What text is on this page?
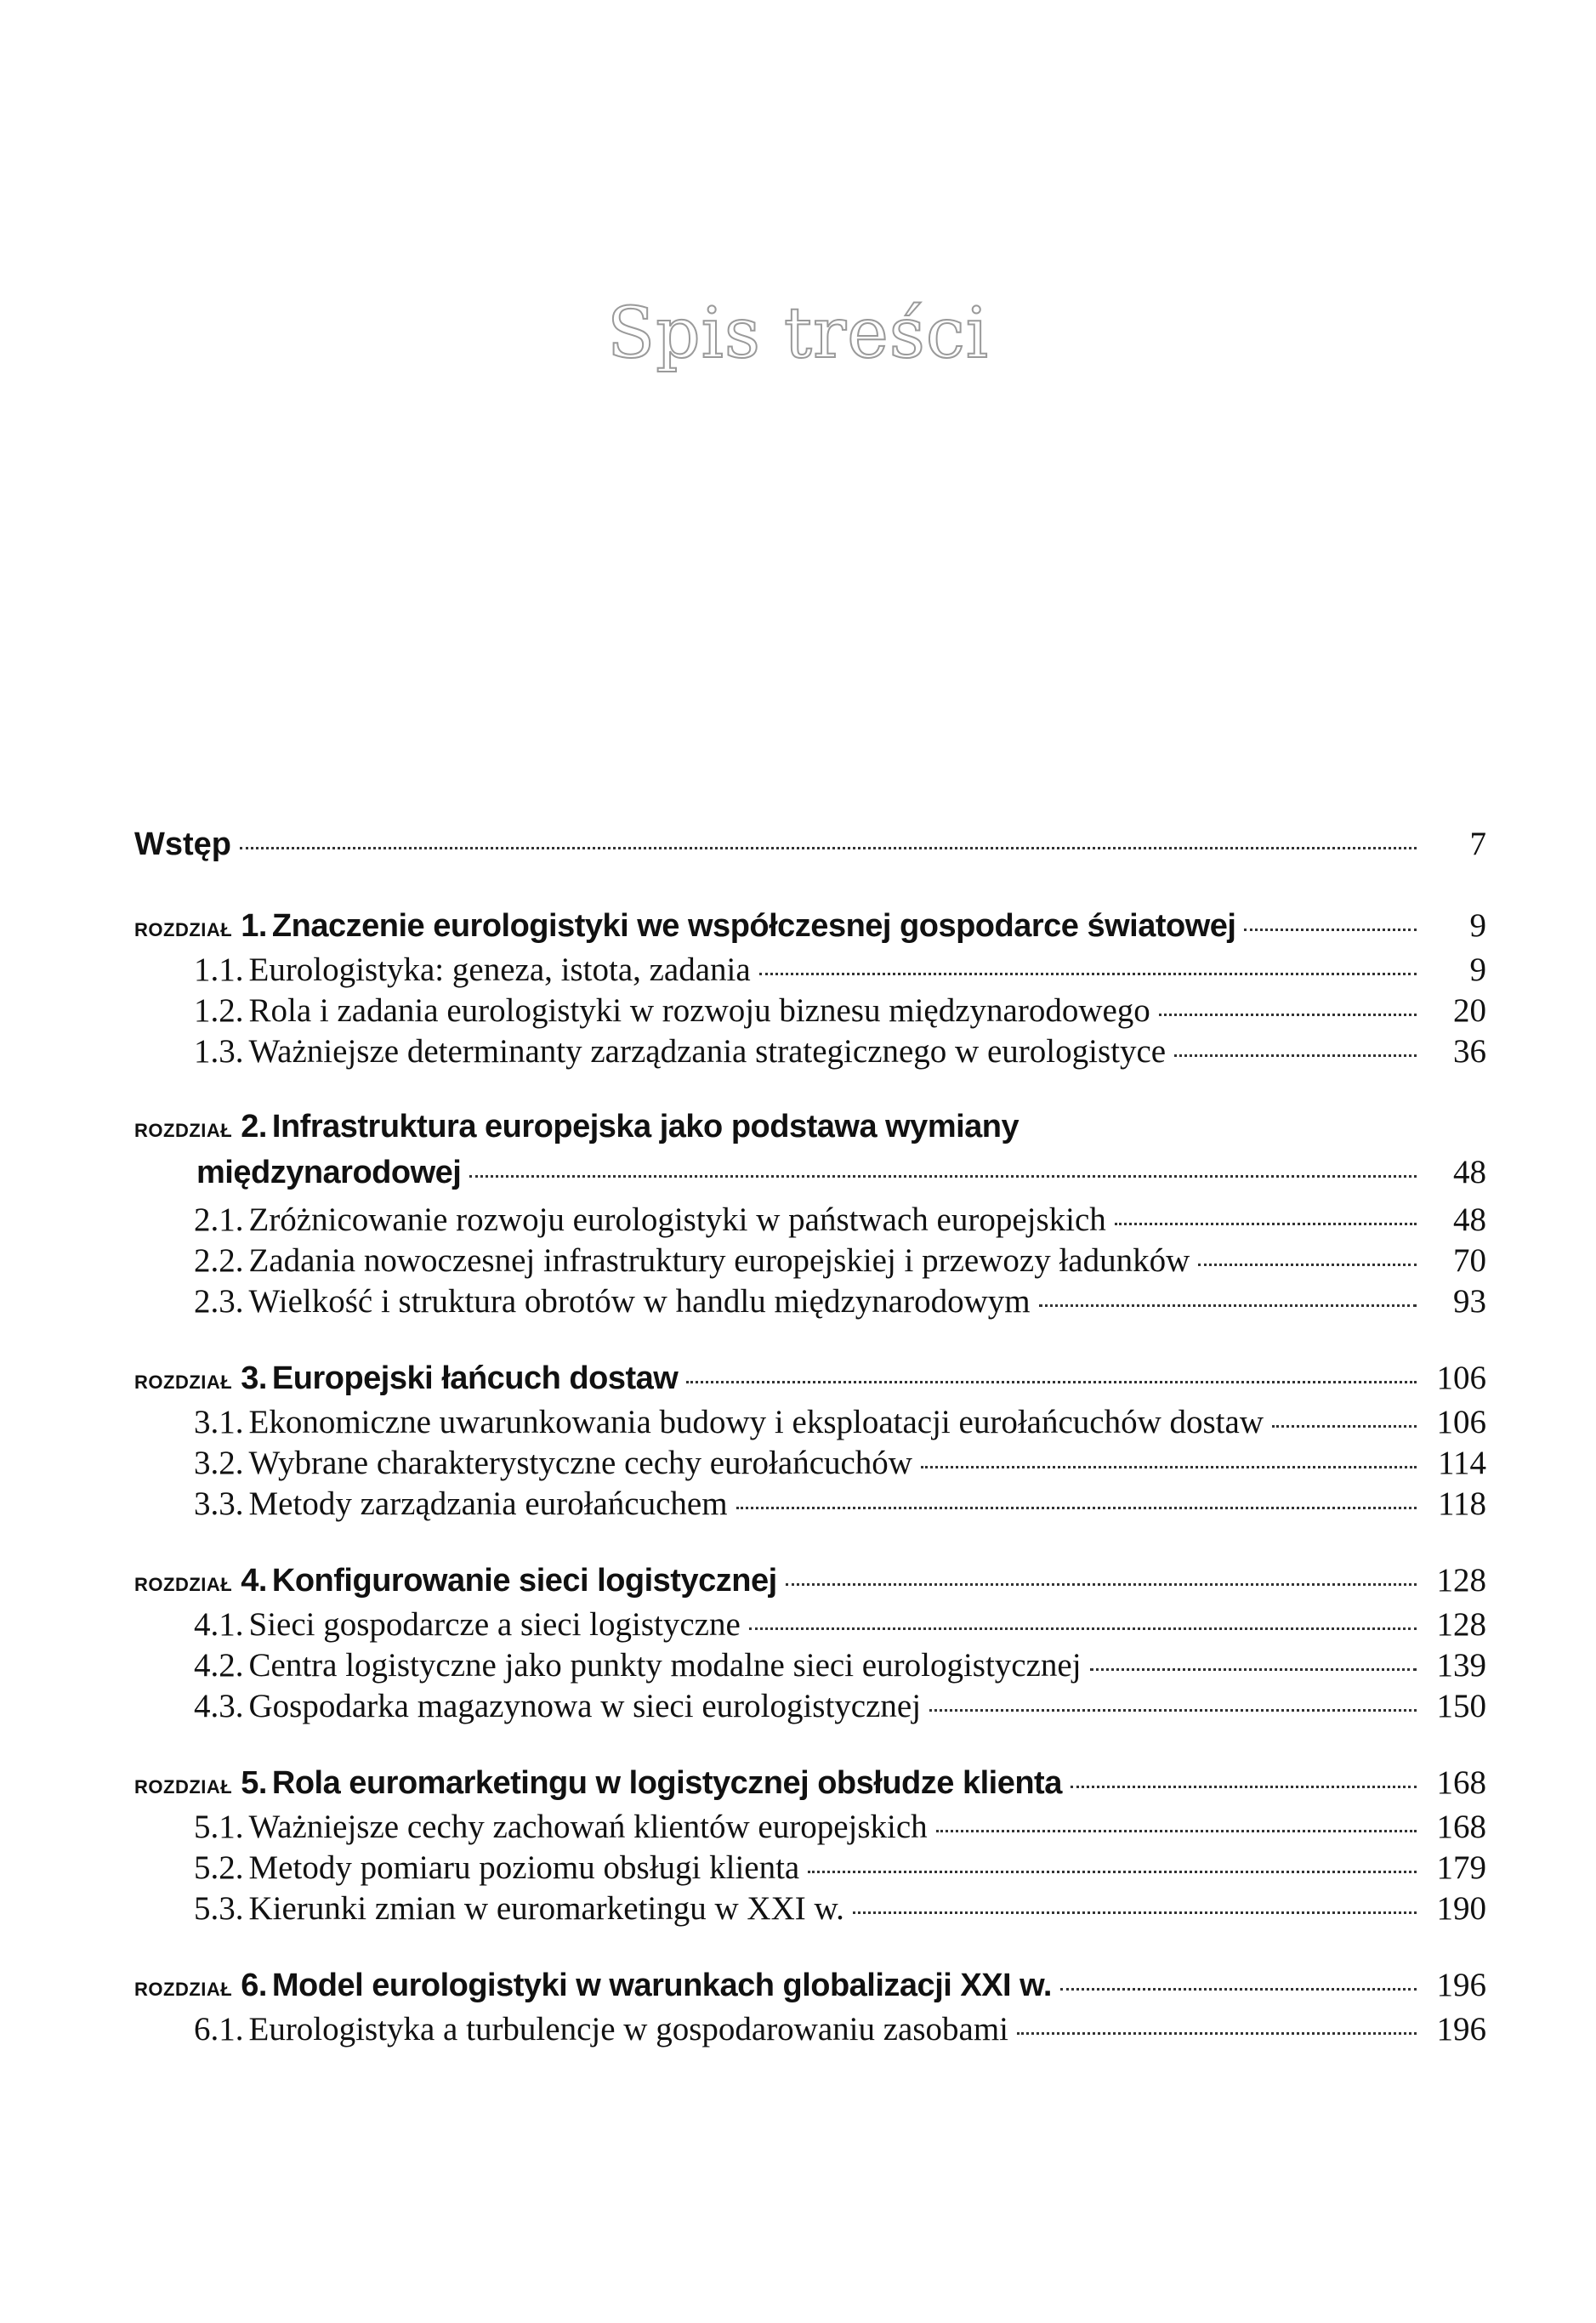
Spis treści
Wstęp	7
ROZDZIAŁ 1. Znaczenie eurologistyki we współczesnej gospodarce światowej	9
1.1. Eurologistyka: geneza, istota, zadania	9
1.2. Rola i zadania eurologistyki w rozwoju biznesu międzynarodowego	20
1.3. Ważniejsze determinanty zarządzania strategicznego w eurologistyce	36
ROZDZIAŁ 2. Infrastruktura europejska jako podstawa wymiany
międzynarodowej	48
2.1. Zróżnicowanie rozwoju eurologistyki w państwach europejskich	48
2.2. Zadania nowoczesnej infrastruktury europejskiej i przewozy ładunków	70
2.3. Wielkość i struktura obrotów w handlu międzynarodowym	93
ROZDZIAŁ 3. Europejski łańcuch dostaw	106
3.1. Ekonomiczne uwarunkowania budowy i eksploatacji eurołańcuchów dostaw	106
3.2. Wybrane charakterystyczne cechy eurołańcuchów	114
3.3. Metody zarządzania eurołańcuchem	118
ROZDZIAŁ 4. Konfigurowanie sieci logistycznej	128
4.1. Sieci gospodarcze a sieci logistyczne	128
4.2. Centra logistyczne jako punkty modalne sieci eurologistycznej	139
4.3. Gospodarka magazynowa w sieci eurologistycznej	150
ROZDZIAŁ 5. Rola euromarketingu w logistycznej obsłudze klienta	168
5.1. Ważniejsze cechy zachowań klientów europejskich	168
5.2. Metody pomiaru poziomu obsługi klienta	179
5.3. Kierunki zmian w euromarketingu w XXI w.	190
ROZDZIAŁ 6. Model eurologistyki w warunkach globalizacji XXI w.	196
6.1. Eurologistyka a turbulencje w gospodarowaniu zasobami	196
